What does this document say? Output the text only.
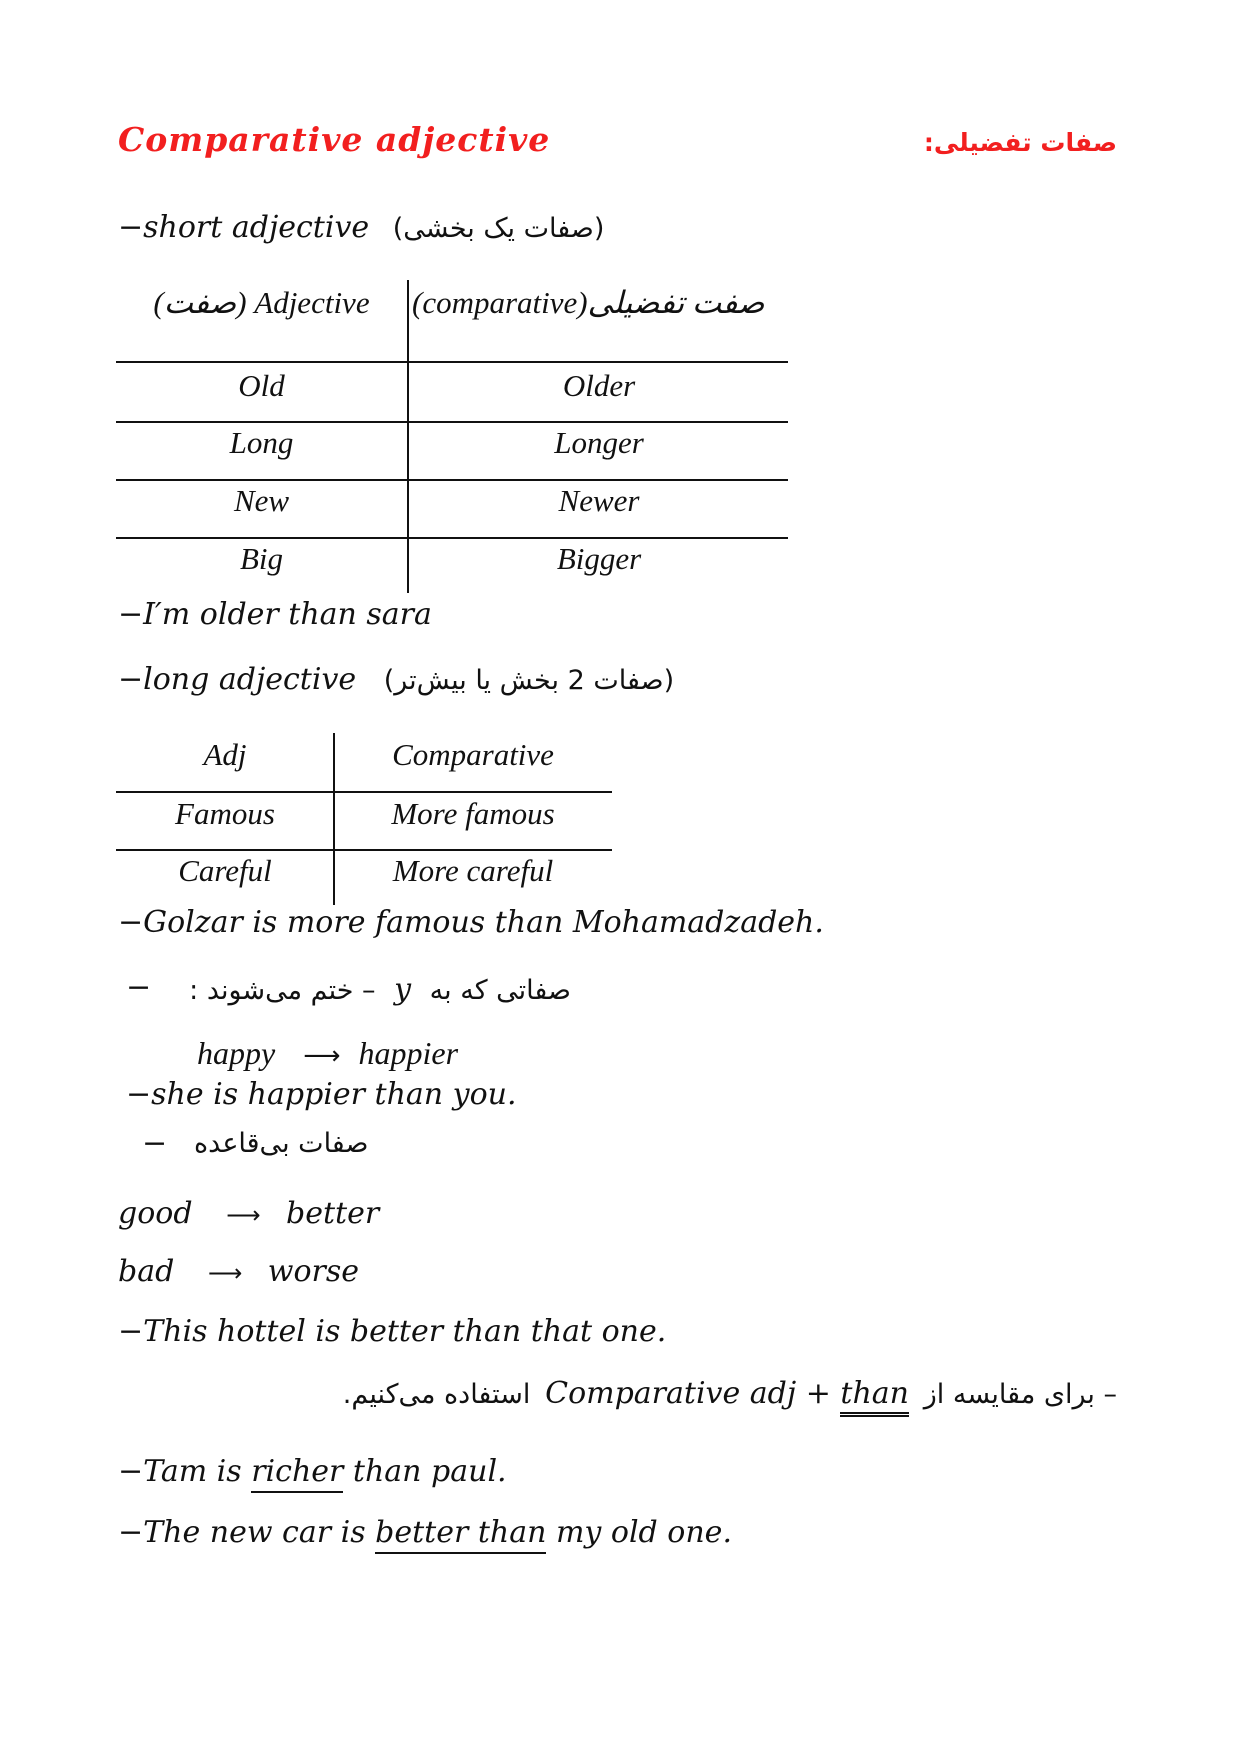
Comparative adjective	صفات تفضیلی:
−short adjective (صفات یک بخشی)
(صفت) Adjective	(comparative)صفت تفضیلی
Old	Older
Long	Longer
New	Newer
Big	Bigger
−I′m older than sara
−long adjective (صفات 2 بخش یا بیش‌تر)
Adj	Comparative
Famous	More famous
Careful	More careful
−Golzar is more famous than Mohamadzadeh.
−	صفاتی که به y – ختم می‌شوند :
happy ⟶ happier
−she is happier than you.
− صفات بی‌قاعده
good ⟶ better
bad ⟶ worse
−This hottel is better than that one.
– برای مقایسه از Comparative adj + than استفاده می‌کنیم.
−Tam is richer than paul.
−The new car is better than my old one.
